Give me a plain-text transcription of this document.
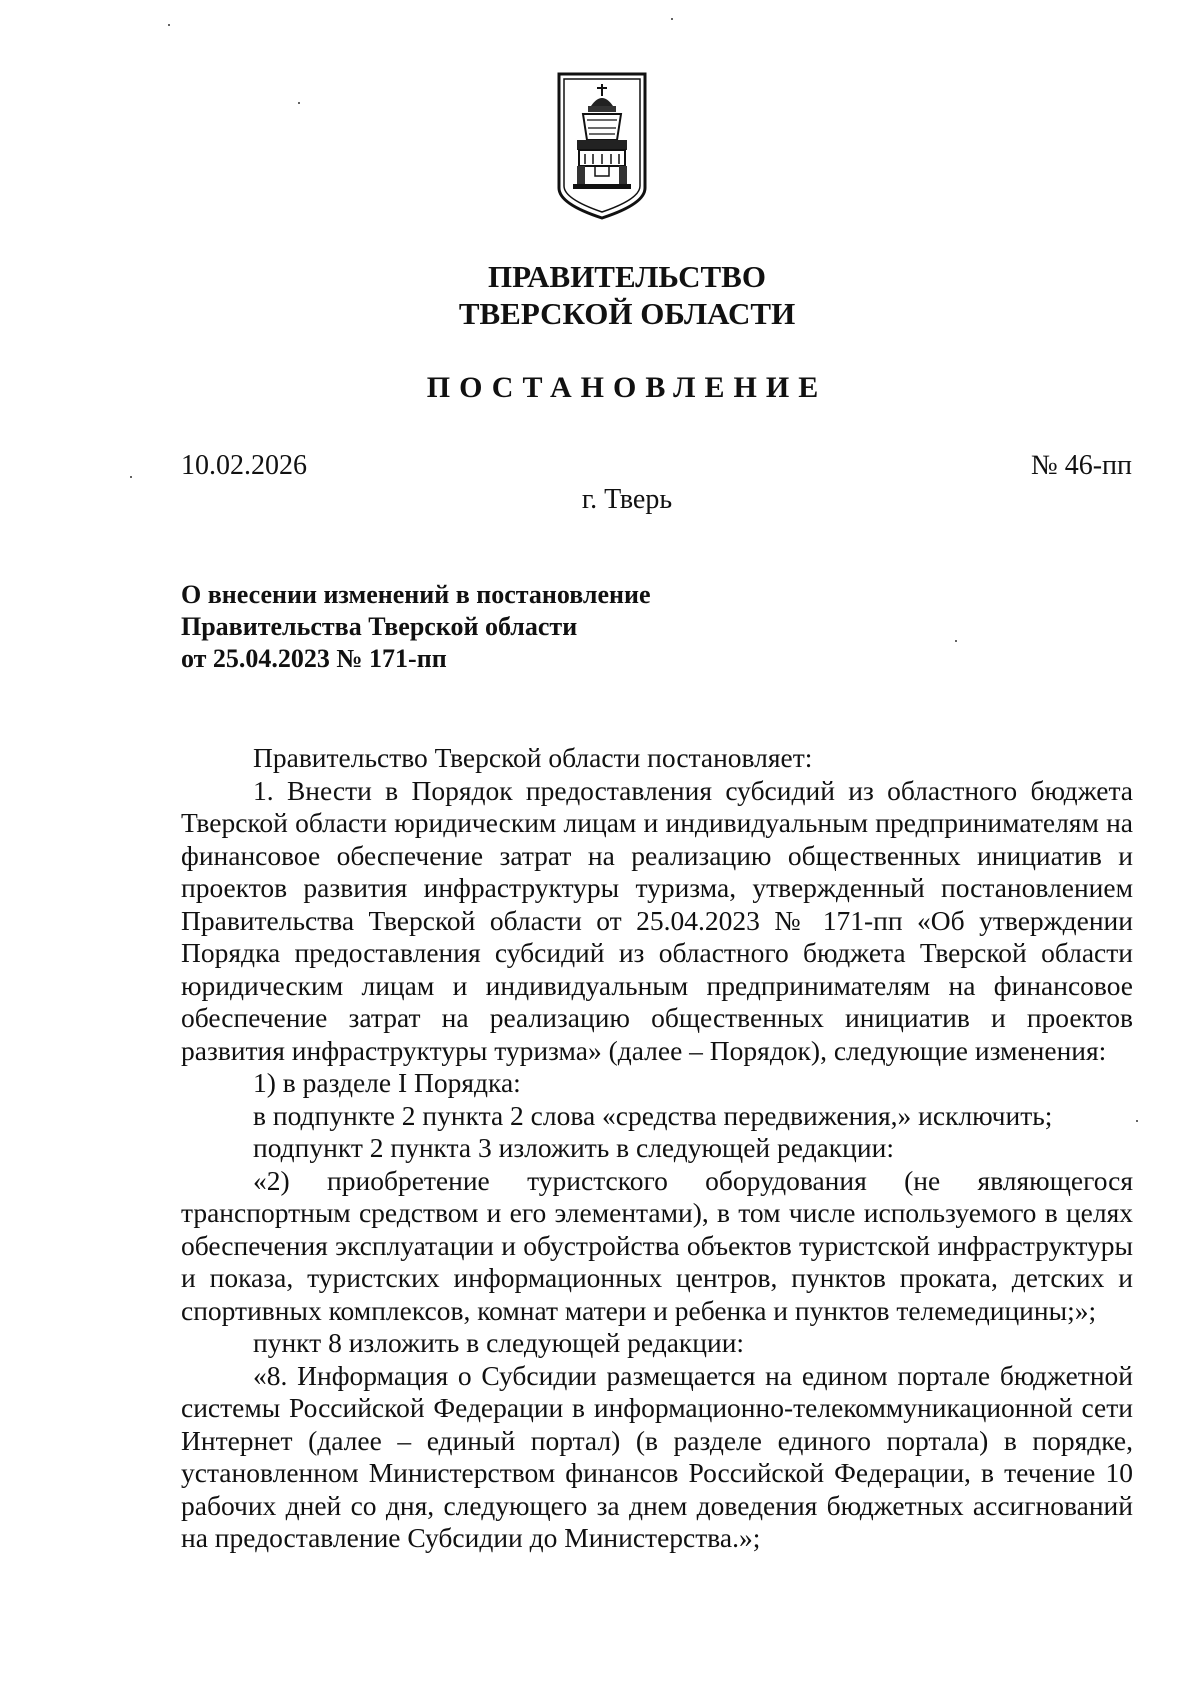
ПРАВИТЕЛЬСТВО
ТВЕРСКОЙ ОБЛАСТИ
ПОСТАНОВЛЕНИЕ
10.02.2026	№ 46-пп
г. Тверь
О внесении изменений в постановление
Правительства Тверской области
от 25.04.2023 № 171-пп

Правительство Тверской области постановляет:

1. Внести в Порядок предоставления субсидий из областного бюджета Тверской области юридическим лицам и индивидуальным предпринимателям на финансовое обеспечение затрат на реализацию общественных инициатив и проектов развития инфраструктуры туризма, утвержденный постановлением Правительства Тверской области от 25.04.2023 № 171-пп «Об утверждении Порядка предоставления субсидий из областного бюджета Тверской области юридическим лицам и индивидуальным предпринимателям на финансовое обеспечение затрат на реализацию общественных инициатив и проектов развития инфраструктуры туризма» (далее – Порядок), следующие изменения:

1) в разделе I Порядка:

в подпункте 2 пункта 2 слова «средства передвижения,» исключить;

подпункт 2 пункта 3 изложить в следующей редакции:

«2) приобретение туристского оборудования (не являющегося транспортным средством и его элементами), в том числе используемого в целях обеспечения эксплуатации и обустройства объектов туристской инфраструктуры и показа, туристских информационных центров, пунктов проката, детских и спортивных комплексов, комнат матери и ребенка и пунктов телемедицины;»;

пункт 8 изложить в следующей редакции:

«8. Информация о Субсидии размещается на едином портале бюджетной системы Российской Федерации в информационно-телекоммуникационной сети Интернет (далее – единый портал) (в разделе единого портала) в порядке, установленном Министерством финансов Российской Федерации, в течение 10 рабочих дней со дня, следующего за днем доведения бюджетных ассигнований на предоставление Субсидии до Министерства.»;
